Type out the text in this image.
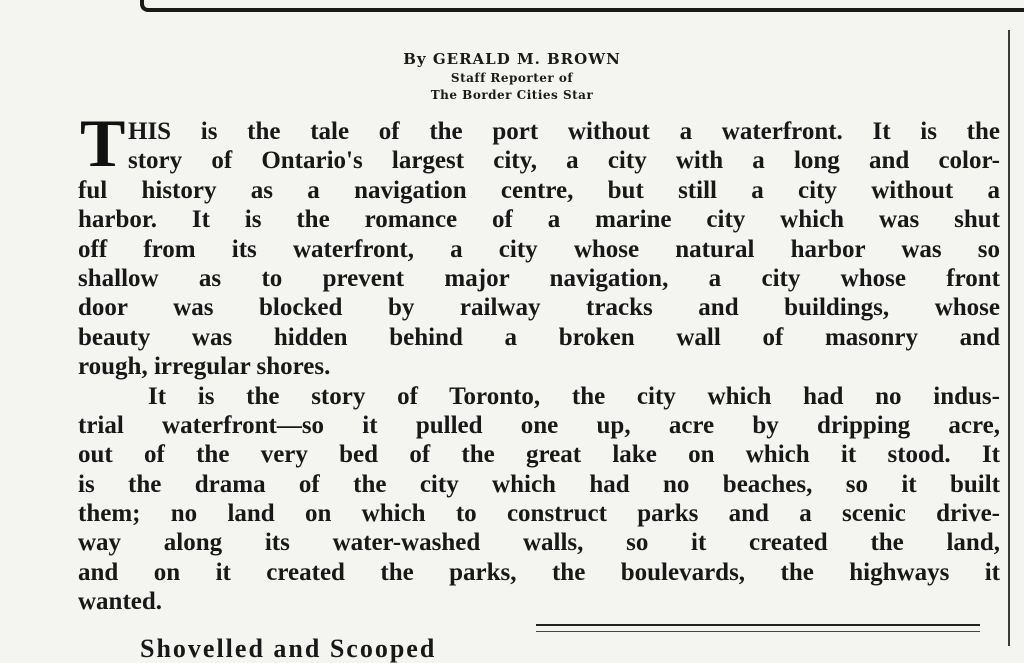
By GERALD M. BROWN
Staff Reporter of
The Border Cities Star
T HIS is the tale of the port without a waterfront. It is the
story of Ontario's largest city, a city with a long and color-
ful history as a navigation centre, but still a city without a
harbor. It is the romance of a marine city which was shut
off from its waterfront, a city whose natural harbor was so
shallow as to prevent major navigation, a city whose front
door was blocked by railway tracks and buildings, whose
beauty was hidden behind a broken wall of masonry and
rough, irregular shores.
It is the story of Toronto, the city which had no indus-
trial waterfront—so it pulled one up, acre by dripping acre,
out of the very bed of the great lake on which it stood. It
is the drama of the city which had no beaches, so it built
them; no land on which to construct parks and a scenic drive-
way along its water-washed walls, so it created the land,
and on it created the parks, the boulevards, the highways it
wanted.
Shovelled and Scooped
